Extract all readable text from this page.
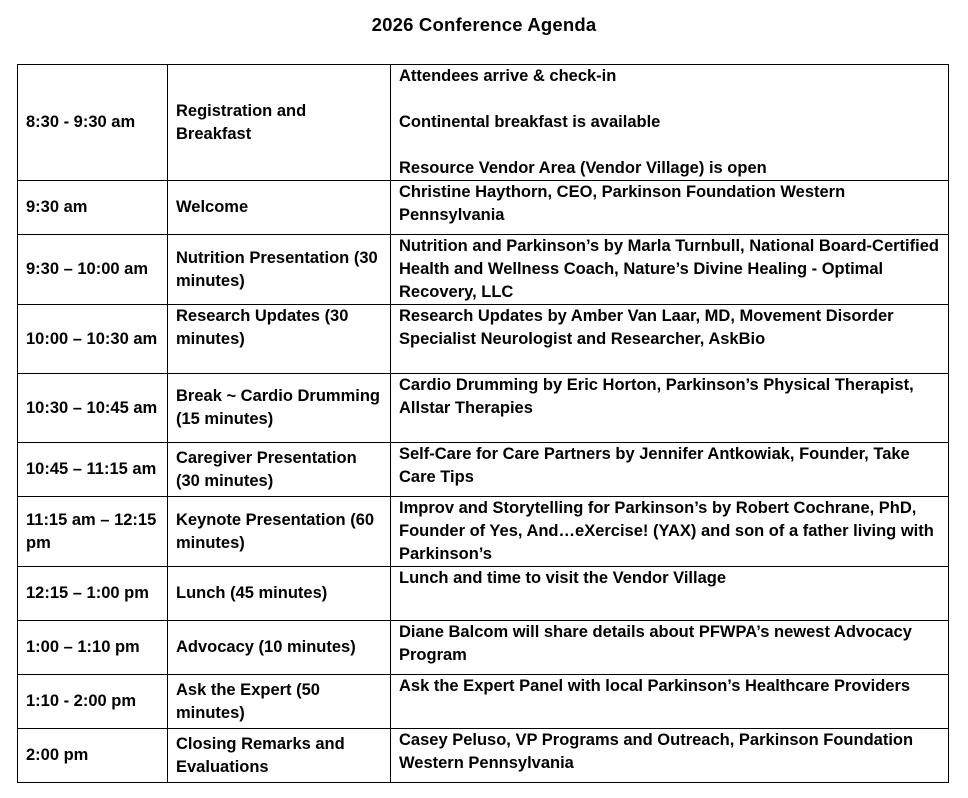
2026 Conference Agenda
8:30 - 9:30 am	Registration and Breakfast	Attendees arrive & check-in
Continental breakfast is available
Resource Vendor Area (Vendor Village) is open

9:30 am	Welcome	Christine Haythorn, CEO, Parkinson Foundation Western Pennsylvania
9:30 – 10:00 am	Nutrition Presentation (30 minutes)	Nutrition and Parkinson’s by Marla Turnbull, National Board-Certified Health and Wellness Coach, Nature’s Divine Healing - Optimal Recovery, LLC
10:00 – 10:30 am	Research Updates (30 minutes)	Research Updates by Amber Van Laar, MD, Movement Disorder Specialist Neurologist and Researcher, AskBio
10:30 – 10:45 am	Break ~ Cardio Drumming (15 minutes)	Cardio Drumming by Eric Horton, Parkinson’s Physical Therapist, Allstar Therapies
10:45 – 11:15 am	Caregiver Presentation (30 minutes)	Self-Care for Care Partners by Jennifer Antkowiak, Founder, Take Care Tips
11:15 am – 12:15 pm	Keynote Presentation (60 minutes)	Improv and Storytelling for Parkinson’s by Robert Cochrane, PhD, Founder of Yes, And…eXercise! (YAX) and son of a father living with Parkinson’s
12:15 – 1:00 pm	Lunch (45 minutes)	Lunch and time to visit the Vendor Village
1:00 – 1:10 pm	Advocacy (10 minutes)	Diane Balcom will share details about PFWPA’s newest Advocacy Program
1:10 - 2:00 pm	Ask the Expert (50 minutes)	Ask the Expert Panel with local Parkinson’s Healthcare Providers
2:00 pm	Closing Remarks and Evaluations	Casey Peluso, VP Programs and Outreach, Parkinson Foundation Western Pennsylvania
